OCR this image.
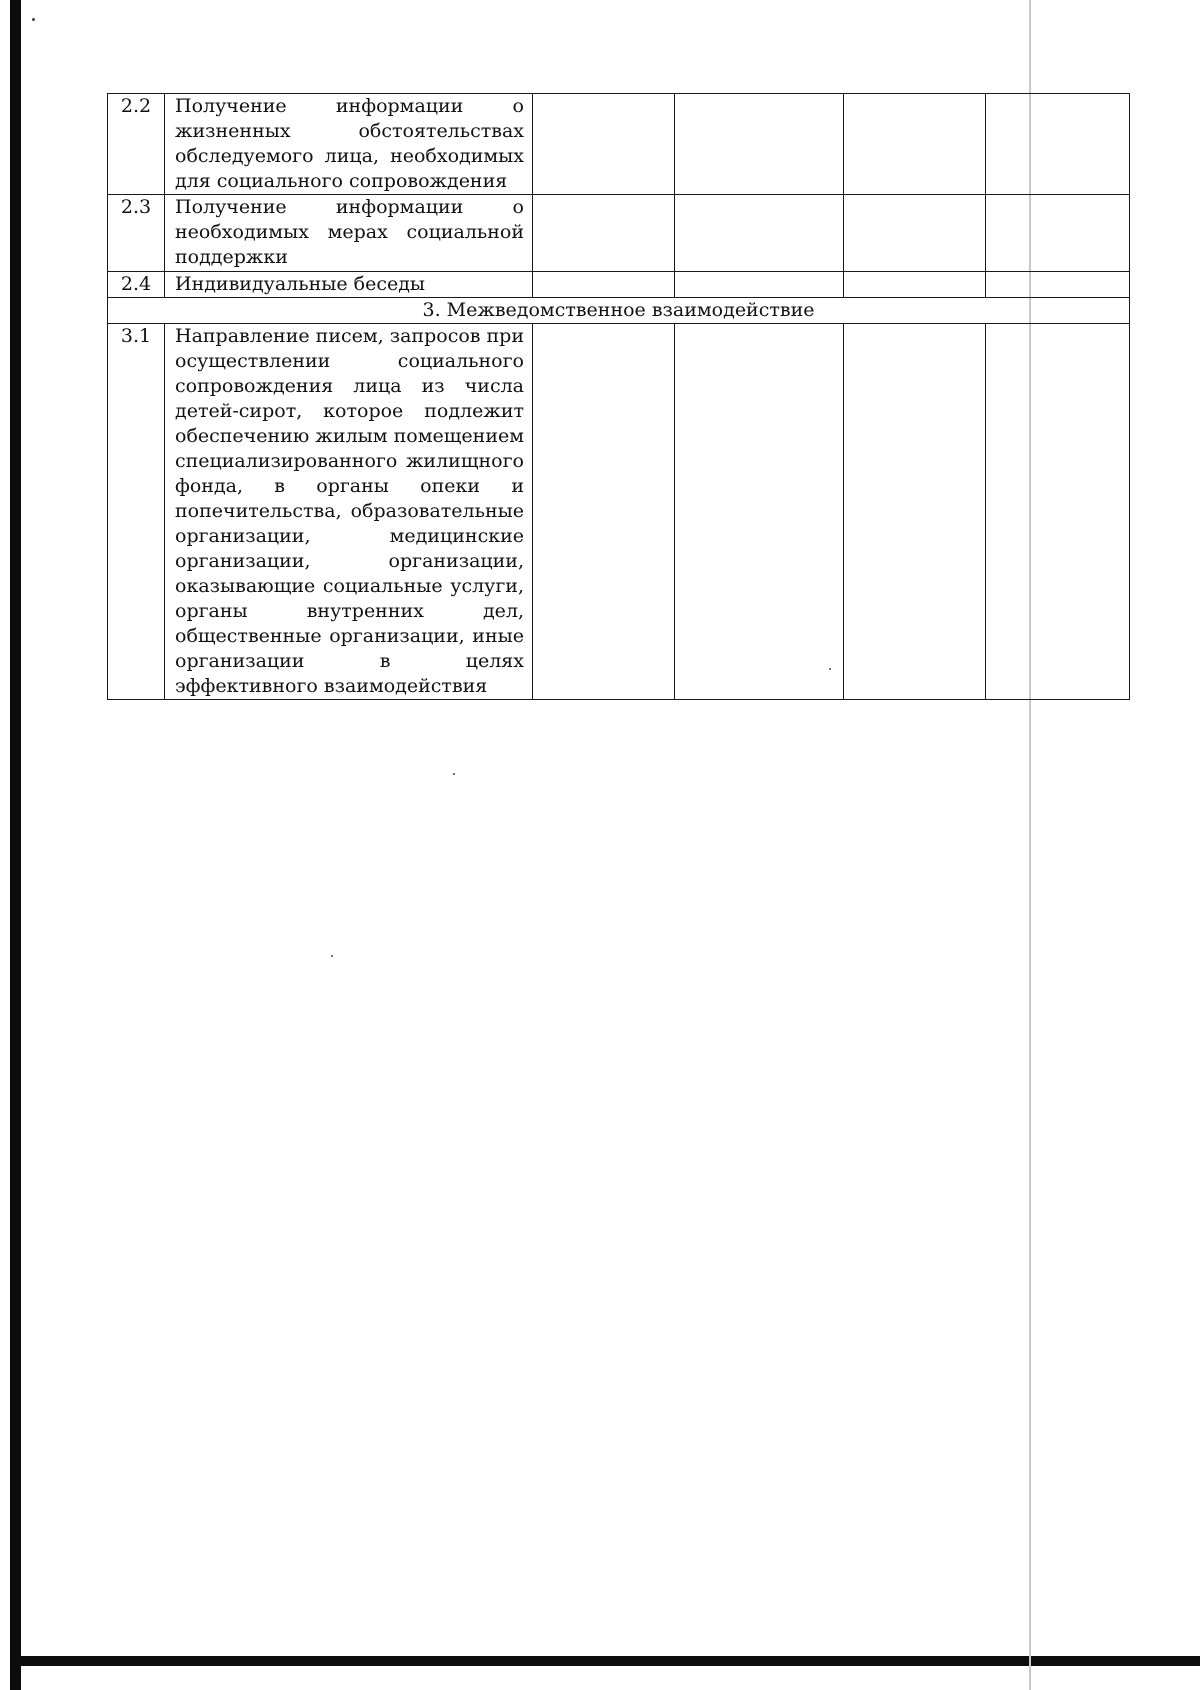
2.2	Получение информации о жизненных обстоятельствах обследуемого лица, необходимых для социального сопровождения				
2.3	Получение информации о необходимых мерах социальной поддержки				
2.4	Индивидуальные беседы				
3. Межведомственное взаимодействие					
3.1	Направление писем, запросов при осуществлении социального сопровождения лица из числа детей-сирот, которое подлежит обеспечению жилым помещением специализированного жилищного фонда, в органы опеки и попечительства, образовательные организации, медицинские организации, организации, оказывающие социальные услуги, органы внутренних дел, общественные организации, иные организации в целях эффективного взаимодействия				
